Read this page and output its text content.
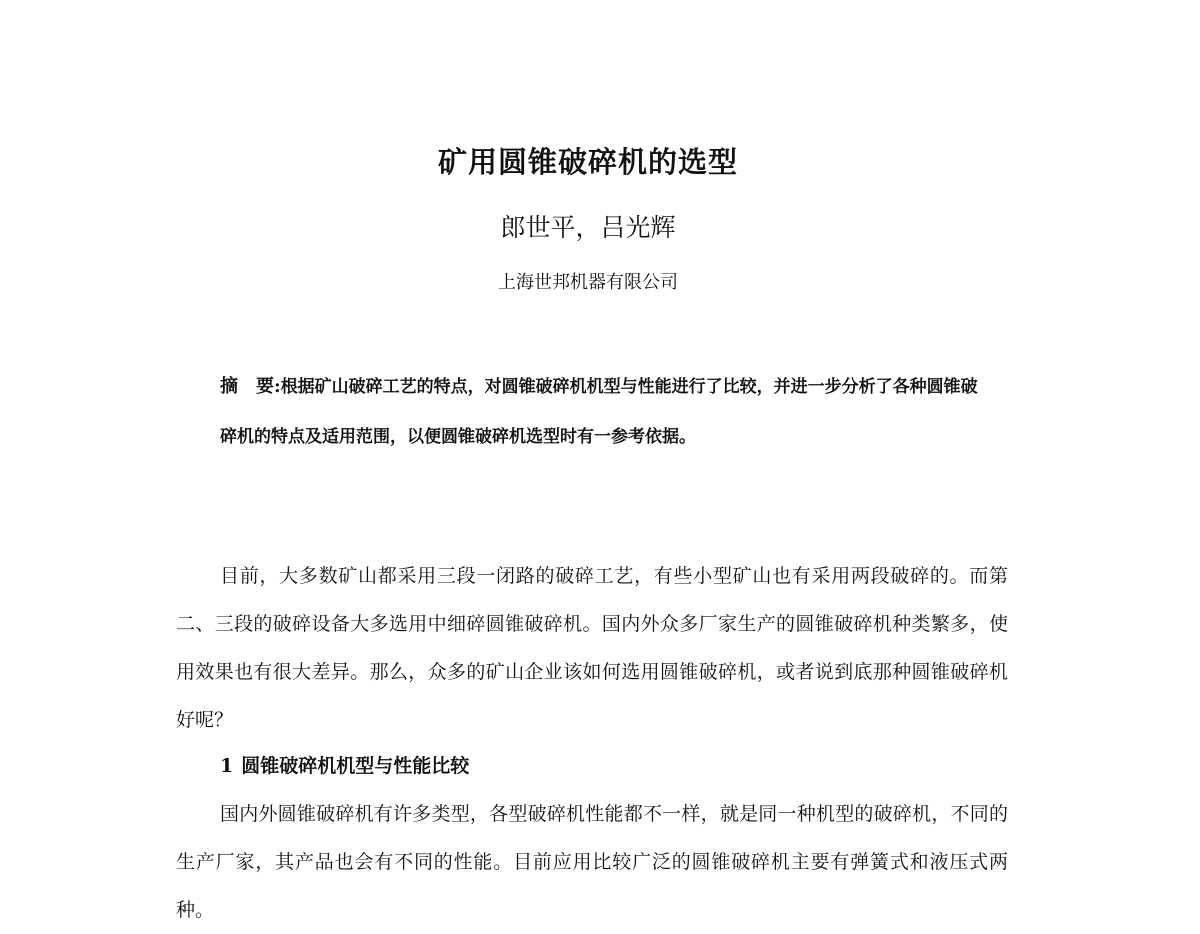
矿用圆锥破碎机的选型
郎世平，吕光辉
上海世邦机器有限公司

摘　要:根据矿山破碎工艺的特点，对圆锥破碎机机型与性能进行了比较，并进一步分析了各种圆锥破碎机的特点及适用范围，以便圆锥破碎机选型时有一参考依据。

目前，大多数矿山都采用三段一闭路的破碎工艺，有些小型矿山也有采用两段破碎的。而第二、三段的破碎设备大多选用中细碎圆锥破碎机。国内外众多厂家生产的圆锥破碎机种类繁多，使用效果也有很大差异。那么，众多的矿山企业该如何选用圆锥破碎机，或者说到底那种圆锥破碎机好呢？

1 圆锥破碎机机型与性能比较

国内外圆锥破碎机有许多类型，各型破碎机性能都不一样，就是同一种机型的破碎机，不同的生产厂家，其产品也会有不同的性能。目前应用比较广泛的圆锥破碎机主要有弹簧式和液压式两种。
